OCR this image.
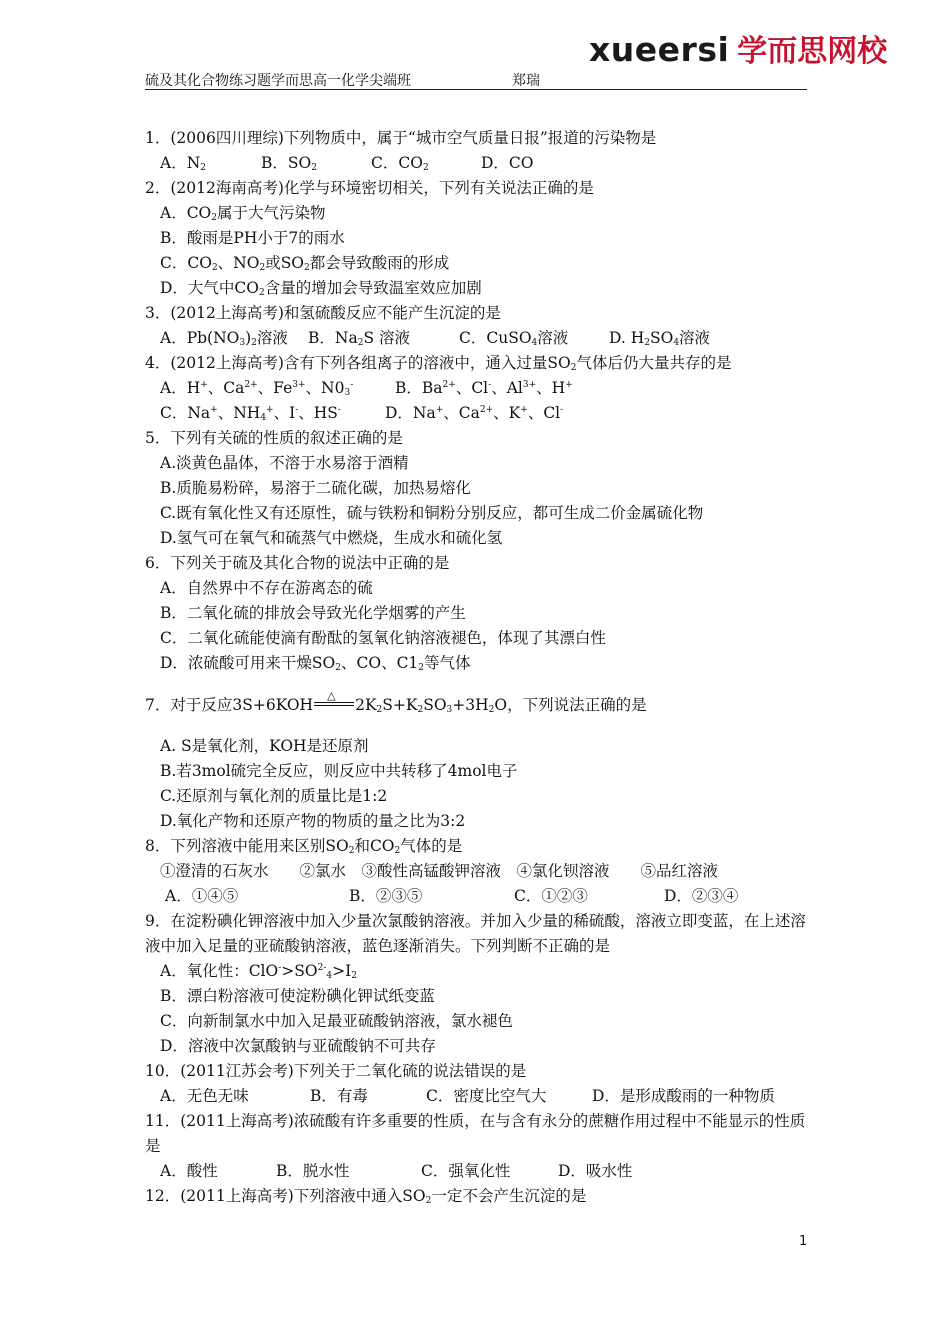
xueersi 学而思网校
硫及其化合物练习题学而思高一化学尖端班	郑瑞
1．(2006四川理综)下列物质中，属于“城市空气质量日报”报道的污染物是
A．$N_2$	B．$SO_2$	C．$CO_2$	D．CO
2．(2012海南高考)化学与环境密切相关，下列有关说法正确的是
A．$CO_2$属于大气污染物
B．酸雨是PH小于7的雨水
C．$CO_2$、$NO_2$或$SO_2$都会导致酸雨的形成
D．大气中$CO_2$含量的增加会导致温室效应加剧
3．(2012上海高考)和氢硫酸反应不能产生沉淀的是
A．$Pb(NO_3)_2$溶液 B．$Na_2S$ 溶液	C．CuSO$_4$溶液	D. $H_2SO_4$溶液
4．(2012上海高考)含有下列各组离子的溶液中，通入过量$SO_2$气体后仍大量共存的是
A．H+、$Ca^{2+}$、$Fe^{3+}$、$N0_3^-$	B．$Ba^{2+}$、Cl-、$Al^{3+}$、H+
C．Na+、$NH_4^+$、I-、HS-	D．Na+、$Ca^{2+}$、K+、Cl-
5．下列有关硫的性质的叙述正确的是
A.淡黄色晶体，不溶于水易溶于酒精
B.质脆易粉碎，易溶于二硫化碳，加热易熔化
C.既有氧化性又有还原性，硫与铁粉和铜粉分别反应，都可生成二价金属硫化物
D.氢气可在氧气和硫蒸气中燃烧，生成水和硫化氢
6．下列关于硫及其化合物的说法中正确的是
A．自然界中不存在游离态的硫
B．二氧化硫的排放会导致光化学烟雾的产生
C．二氧化硫能使滴有酚酞的氢氧化钠溶液褪色，体现了其漂白性
D．浓硫酸可用来干燥$SO_2$、CO、$C1_2$等气体
7．对于反应3S+6KOH
△
$2K_2S+K_2SO_3+3H_2O$，下列说法正确的是
A. S是氧化剂，KOH是还原剂
B.若3mol硫完全反应，则反应中共转移了4mol电子
C.还原剂与氧化剂的质量比是1:2
D.氧化产物和还原产物的物质的量之比为3:2
8．下列溶液中能用来区别$SO_2$和$CO_2$气体的是
①澄清的石灰水　　②氯水　③酸性高锰酸钾溶液　④氯化钡溶液　　⑤品红溶液
A．①④⑤	B．②③⑤	C．①②③	D．②③④
9．在淀粉碘化钾溶液中加入少量次氯酸钠溶液。并加入少量的稀硫酸，溶液立即变蓝，在上述溶液中加入足量的亚硫酸钠溶液，蓝色逐渐消失。下列判断不正确的是
A．氧化性：$ClO^->SO^{2-}_4>I_2$
B．漂白粉溶液可使淀粉碘化钾试纸变蓝
C．向新制氯水中加入足最亚硫酸钠溶液，氯水褪色
D．溶液中次氯酸钠与亚硫酸钠不可共存
10．(2011江苏会考)下列关于二氧化硫的说法错误的是
A．无色无味	B．有毒	C．密度比空气大	D．是形成酸雨的一种物质
11．(2011上海高考)浓硫酸有许多重要的性质，在与含有永分的蔗糖作用过程中不能显示的性质是
A．酸性	B．脱水性	C．强氧化性	D．吸水性
12．(2011上海高考)下列溶液中通入$SO_2$一定不会产生沉淀的是
1
